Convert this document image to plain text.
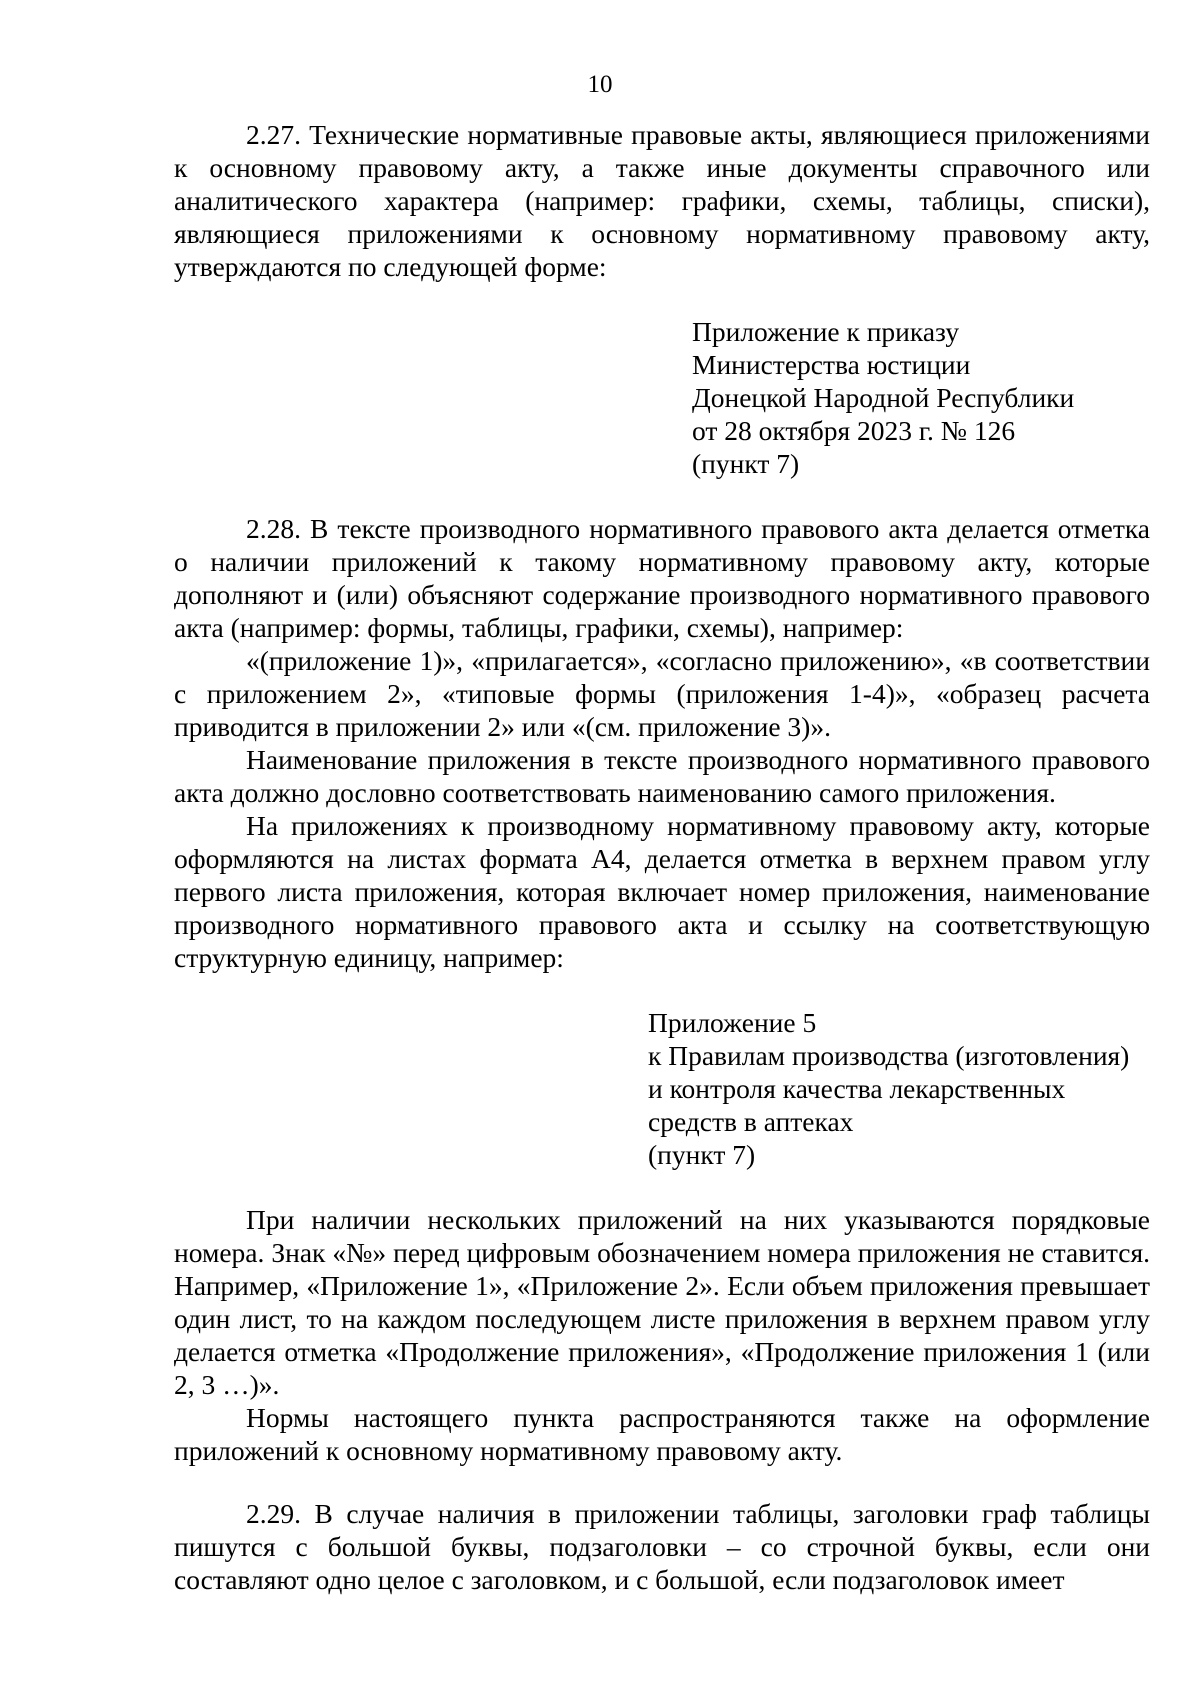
10

2.27. Технические нормативные правовые акты, являющиеся приложениями к основному правовому акту, а также иные документы справочного или аналитического характера (например: графики, схемы, таблицы, списки), являющиеся приложениями к основному нормативному правовому акту, утверждаются по следующей форме:

Приложение к приказу
Министерства юстиции
Донецкой Народной Республики
от 28 октября 2023 г. № 126
(пункт 7)

2.28. В тексте производного нормативного правового акта делается отметка о наличии приложений к такому нормативному правовому акту, которые дополняют и (или) объясняют содержание производного нормативного правового акта (например: формы, таблицы, графики, схемы), например:

«(приложение 1)», «прилагается», «согласно приложению», «в соответствии с приложением 2», «типовые формы (приложения 1-4)», «образец расчета приводится в приложении 2» или «(см. приложение 3)».

Наименование приложения в тексте производного нормативного правового акта должно дословно соответствовать наименованию самого приложения.

На приложениях к производному нормативному правовому акту, которые оформляются на листах формата А4, делается отметка в верхнем правом углу первого листа приложения, которая включает номер приложения, наименование производного нормативного правового акта и ссылку на соответствующую структурную единицу, например:

Приложение 5
к Правилам производства (изготовления)
и контроля качества лекарственных
средств в аптеках
(пункт 7)

При наличии нескольких приложений на них указываются порядковые номера. Знак «№» перед цифровым обозначением номера приложения не ставится. Например, «Приложение 1», «Приложение 2». Если объем приложения превышает один лист, то на каждом последующем листе приложения в верхнем правом углу делается отметка «Продолжение приложения», «Продолжение приложения 1 (или 2, 3 …)».

Нормы настоящего пункта распространяются также на оформление приложений к основному нормативному правовому акту.

2.29. В случае наличия в приложении таблицы, заголовки граф таблицы пишутся с большой буквы, подзаголовки – со строчной буквы, если они составляют одно целое с заголовком, и с большой, если подзаголовок имеет
